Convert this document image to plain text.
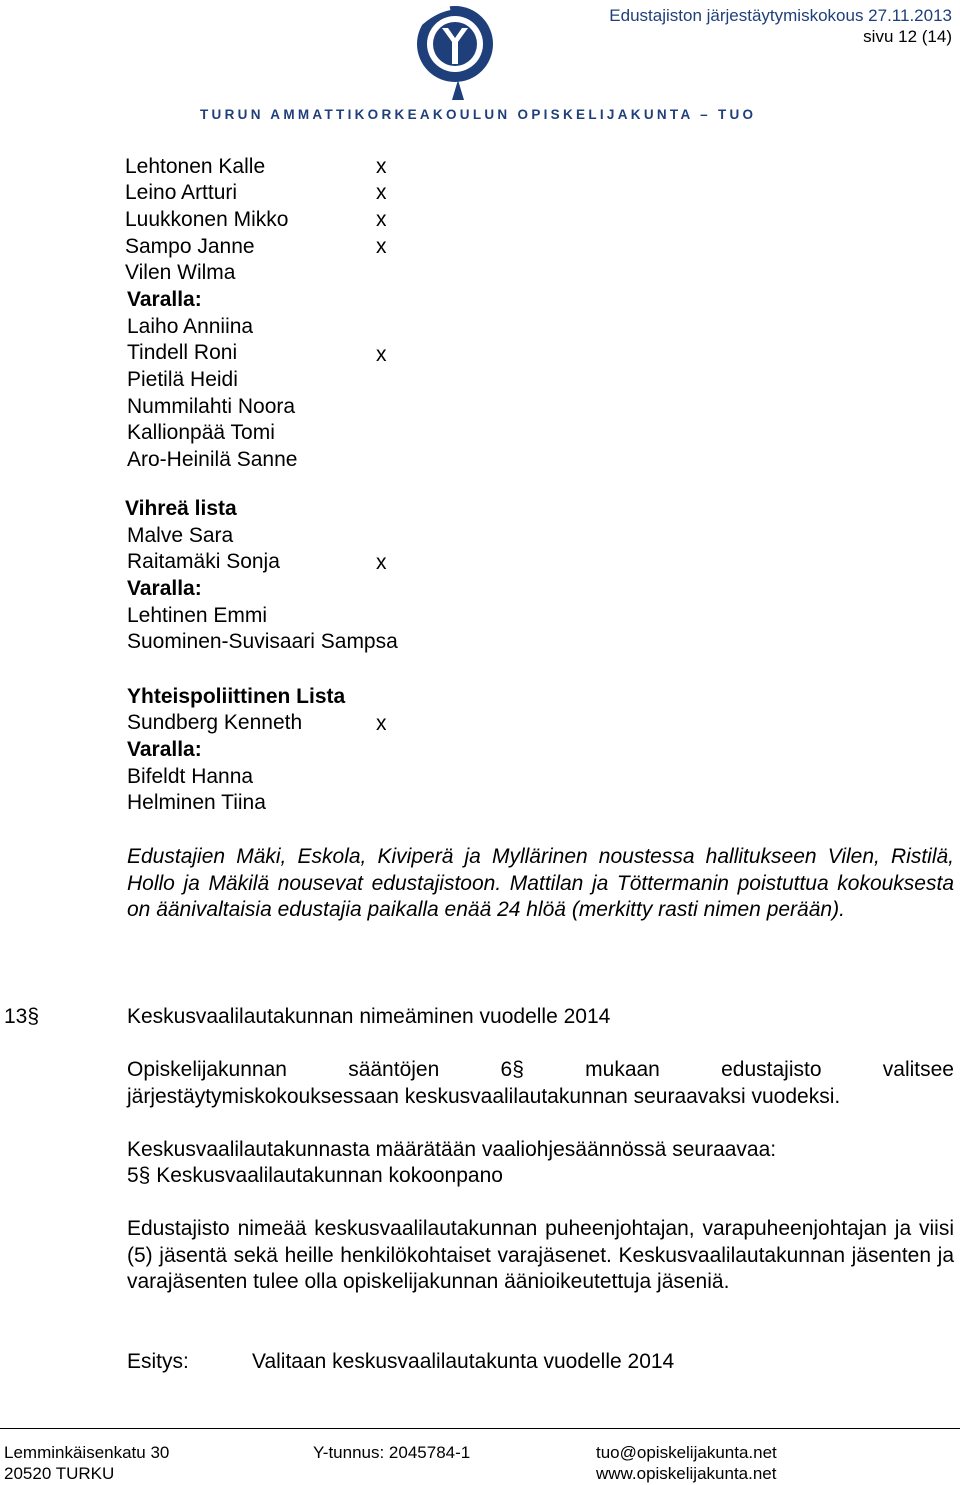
Edustajiston järjestäytymiskokous 27.11.2013
sivu 12 (14)
TURUN AMMATTIKORKEAKOULUN OPISKELIJAKUNTA – TUO
Lehtonen Kalle	x
Leino Artturi	x
Luukkonen Mikko	x
Sampo Janne	x
Vilen Wilma
Varalla:
Laiho Anniina
Tindell Roni	x
Pietilä Heidi
Nummilahti Noora
Kallionpää Tomi
Aro-Heinilä Sanne
Vihreä lista
Malve Sara
Raitamäki Sonja	x
Varalla:
Lehtinen Emmi
Suominen-Suvisaari Sampsa
Yhteispoliittinen Lista
Sundberg Kenneth	x
Varalla:
Bifeldt Hanna
Helminen Tiina
Edustajien Mäki, Eskola, Kiviperä ja Myllärinen noustessa hallitukseen Vilen, Ristilä, Hollo ja Mäkilä nousevat edustajistoon. Mattilan ja Töttermanin poistuttua kokouksesta on äänivaltaisia edustajia paikalla enää 24 hlöä (merkitty rasti nimen perään).
13§	Keskusvaalilautakunnan nimeäminen vuodelle 2014
Opiskelijakunnan sääntöjen 6§ mukaan edustajisto valitsee järjestäytymiskokouksessaan keskusvaalilautakunnan seuraavaksi vuodeksi.
Keskusvaalilautakunnasta määrätään vaaliohjesäännössä seuraavaa:
5§ Keskusvaalilautakunnan kokoonpano
Edustajisto nimeää keskusvaalilautakunnan puheenjohtajan, varapuheenjohtajan ja viisi (5) jäsentä sekä heille henkilökohtaiset varajäsenet. Keskusvaalilautakunnan jäsenten ja varajäsenten tulee olla opiskelijakunnan äänioikeutettuja jäseniä.
Esitys:	Valitaan keskusvaalilautakunta vuodelle 2014
Lemminkäisenkatu 30
20520 TURKU
Y-tunnus: 2045784-1	tuo@opiskelijakunta.net
www.opiskelijakunta.net
